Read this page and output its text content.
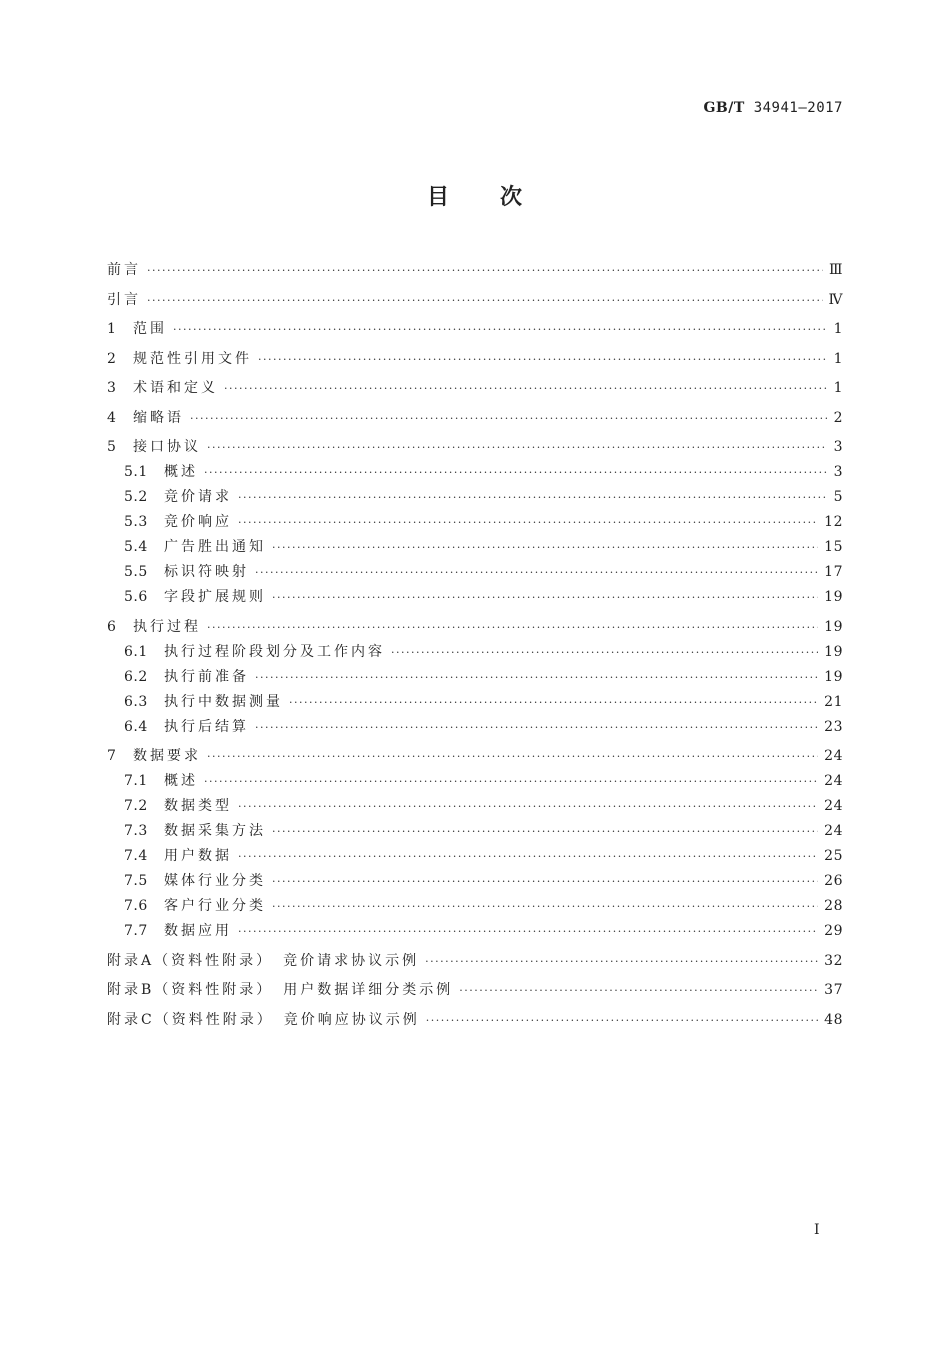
GB/T 34941—2017
目 次
前言 ·····	Ⅲ
引言 ·····	Ⅳ
1	范围 ·····	1
2	规范性引用文件 ·····	1
3	术语和定义 ·····	1
4	缩略语 ·····	2
5	接口协议 ·····	3
5.1	概述 ·····	3
5.2	竞价请求 ·····	5
5.3	竞价响应 ·····	12
5.4	广告胜出通知 ·····	15
5.5	标识符映射 ·····	17
5.6	字段扩展规则 ·····	19
6	执行过程 ·····	19
6.1	执行过程阶段划分及工作内容 ·····	19
6.2	执行前准备 ·····	19
6.3	执行中数据测量 ·····	21
6.4	执行后结算 ·····	23
7	数据要求 ·····	24
7.1	概述 ·····	24
7.2	数据类型 ·····	24
7.3	数据采集方法 ·····	24
7.4	用户数据 ·····	25
7.5	媒体行业分类 ·····	26
7.6	客户行业分类 ·····	28
7.7	数据应用 ·····	29
附录A（资料性附录）　竞价请求协议示例 ·····	32
附录B（资料性附录）　用户数据详细分类示例 ·····	37
附录C（资料性附录）　竞价响应协议示例 ·····	48
Ⅰ
